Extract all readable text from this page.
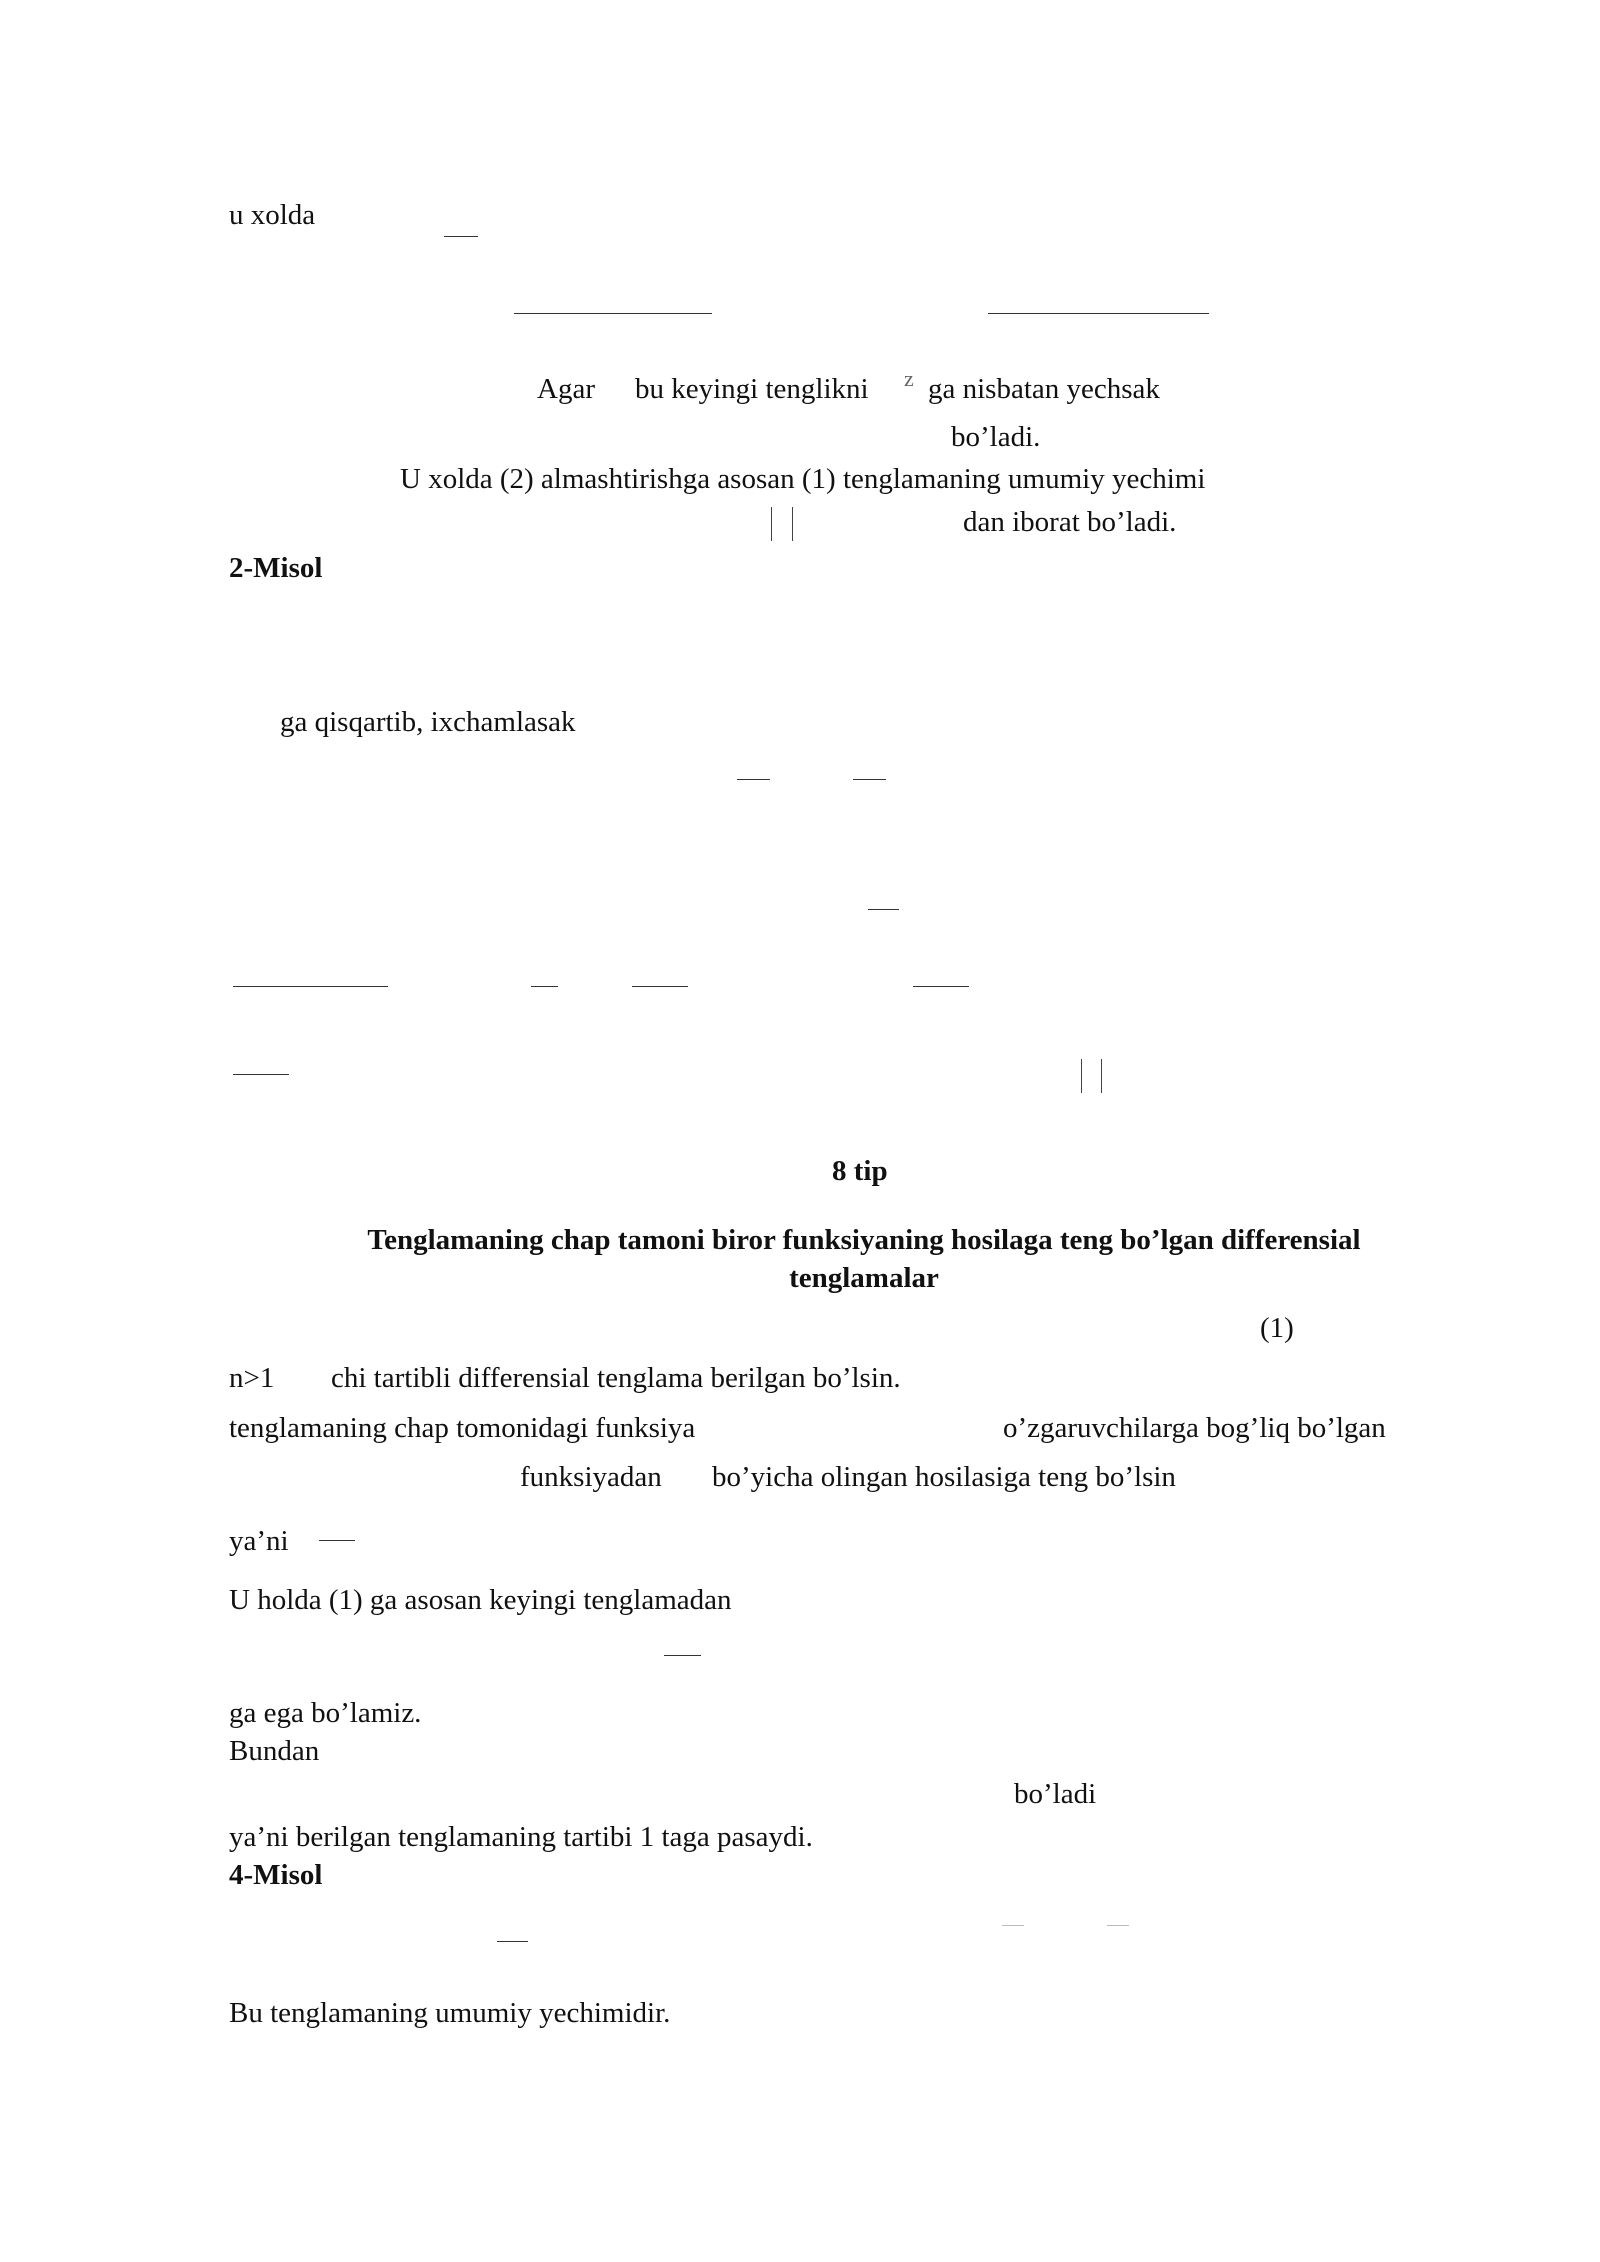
u xolda
Agar bu keyingi tenglikni z ga nisbatan yechsak
bo’ladi.
U xolda (2) almashtirishga asosan (1) tenglamaning umumiy yechimi
dan iborat bo’ladi.
2-Misol
ga qisqartib, ixchamlasak
8 tip
Tenglamaning chap tamoni biror funksiyaning hosilaga teng bo’lgan differensial
tenglamalar
(1)
n>1 chi tartibli differensial tenglama berilgan bo’lsin.
tenglamaning chap tomonidagi funksiya	o’zgaruvchilarga bog’liq bo’lgan
funksiyadan bo’yicha olingan hosilasiga teng bo’lsin
ya’ni
U holda (1) ga asosan keyingi tenglamadan
ga ega bo’lamiz.
Bundan
bo’ladi
ya’ni berilgan tenglamaning tartibi 1 taga pasaydi.
4-Misol
Bu tenglamaning umumiy yechimidir.
